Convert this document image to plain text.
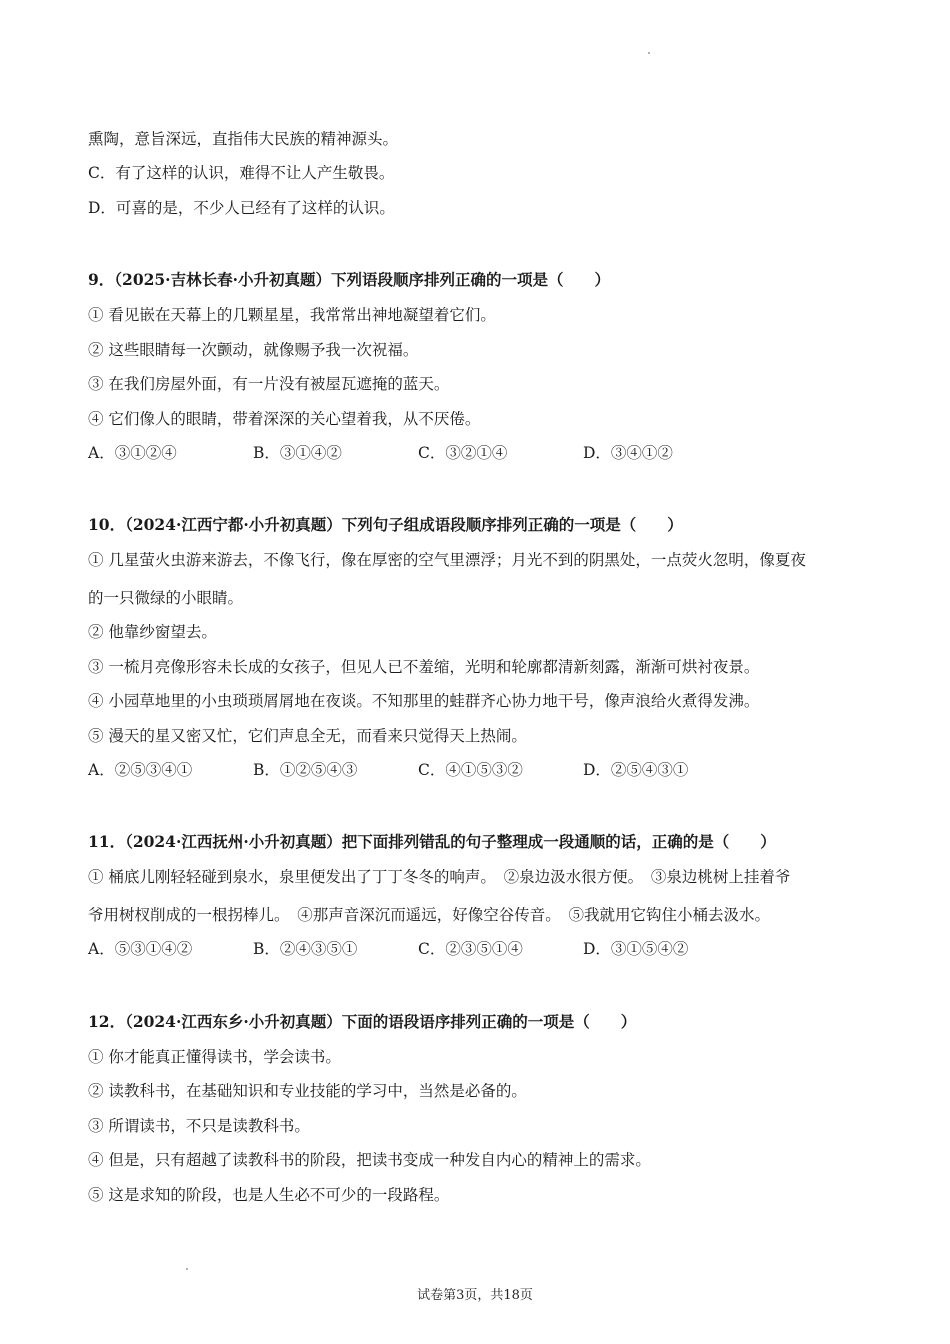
熏陶，意旨深远，直指伟大民族的精神源头。
C．有了这样的认识，难得不让人产生敬畏。
D．可喜的是，不少人已经有了这样的认识。
9．（2025·吉林长春·小升初真题）下列语段顺序排列正确的一项是（　　）
① 看见嵌在天幕上的几颗星星，我常常出神地凝望着它们。
② 这些眼睛每一次颤动，就像赐予我一次祝福。
③ 在我们房屋外面，有一片没有被屋瓦遮掩的蓝天。
④ 它们像人的眼睛，带着深深的关心望着我，从不厌倦。
A．③①②④	B．③①④②	C．③②①④	D．③④①②
10．（2024·江西宁都·小升初真题）下列句子组成语段顺序排列正确的一项是（　　）
① 几星萤火虫游来游去，不像飞行，像在厚密的空气里漂浮；月光不到的阴黑处，一点荧火忽明，像夏夜
的一只微绿的小眼睛。
② 他靠纱窗望去。
③ 一梳月亮像形容未长成的女孩子，但见人已不羞缩，光明和轮廓都清新刻露，渐渐可烘衬夜景。
④ 小园草地里的小虫琐琐屑屑地在夜谈。不知那里的蛙群齐心协力地干号，像声浪给火煮得发沸。
⑤ 漫天的星又密又忙，它们声息全无，而看来只觉得天上热闹。
A．②⑤③④①	B．①②⑤④③	C．④①⑤③②	D．②⑤④③①
11．（2024·江西抚州·小升初真题）把下面排列错乱的句子整理成一段通顺的话，正确的是（　　）
① 桶底儿刚轻轻碰到泉水，泉里便发出了丁丁冬冬的响声。　②泉边汲水很方便。　③泉边桃树上挂着爷
爷用树杈削成的一根拐棒儿。　④那声音深沉而遥远，好像空谷传音。　⑤我就用它钩住小桶去汲水。
A．⑤③①④②	B．②④③⑤①	C．②③⑤①④	D．③①⑤④②
12．（2024·江西东乡·小升初真题）下面的语段语序排列正确的一项是（　　）
① 你才能真正懂得读书，学会读书。
② 读教科书，在基础知识和专业技能的学习中，当然是必备的。
③ 所谓读书，不只是读教科书。
④ 但是，只有超越了读教科书的阶段，把读书变成一种发自内心的精神上的需求。
⑤ 这是求知的阶段，也是人生必不可少的一段路程。
试卷第3页，共18页
